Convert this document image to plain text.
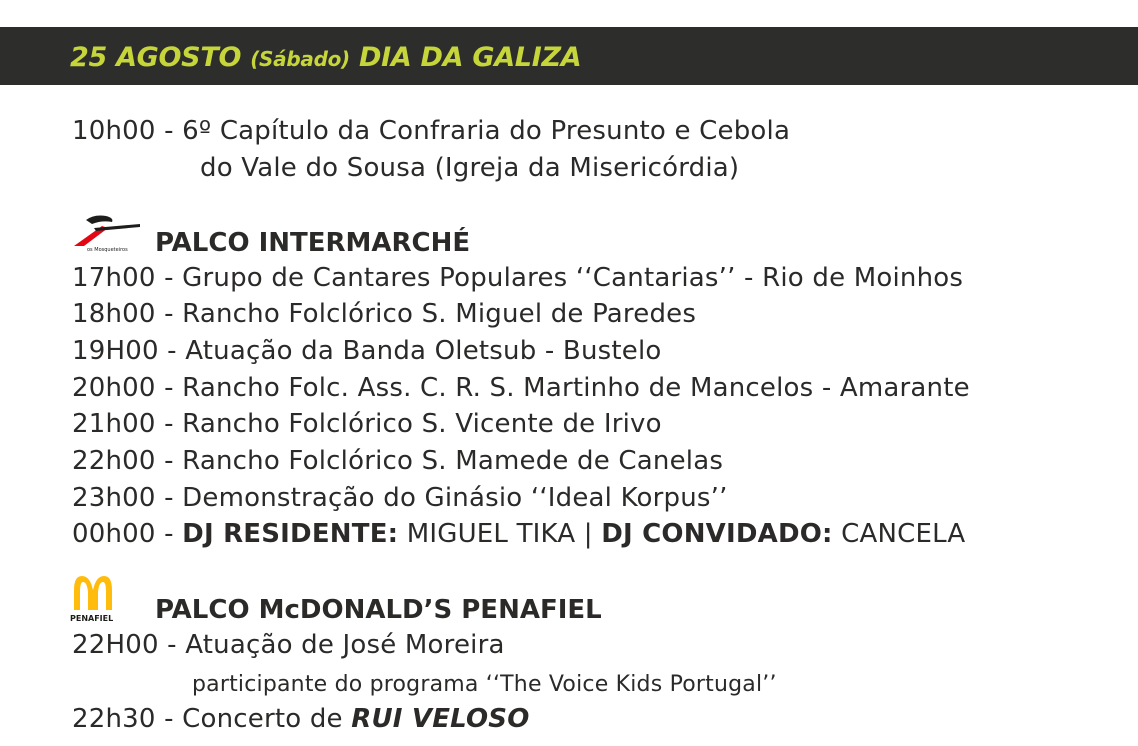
25 AGOSTO (Sábado) DIA DA GALIZA
10h00 - 6º Capítulo da Confraria do Presunto e Cebola
do Vale do Sousa (Igreja da Misericórdia)
os Mosqueteiros PALCO INTERMARCHÉ
17h00 - Grupo de Cantares Populares ‘‘Cantarias’’ - Rio de Moinhos
18h00 - Rancho Folclórico S. Miguel de Paredes
19H00 - Atuação da Banda Oletsub - Bustelo
20h00 - Rancho Folc. Ass. C. R. S. Martinho de Mancelos - Amarante
21h00 - Rancho Folclórico S. Vicente de Irivo
22h00 - Rancho Folclórico S. Mamede de Canelas
23h00 - Demonstração do Ginásio ‘‘Ideal Korpus’’
00h00 - DJ RESIDENTE: MIGUEL TIKA | DJ CONVIDADO: CANCELA
PENAFIEL PALCO McDONALD’S PENAFIEL
22H00 - Atuação de José Moreira
participante do programa ‘‘The Voice Kids Portugal’’
22h30 - Concerto de RUI VELOSO
